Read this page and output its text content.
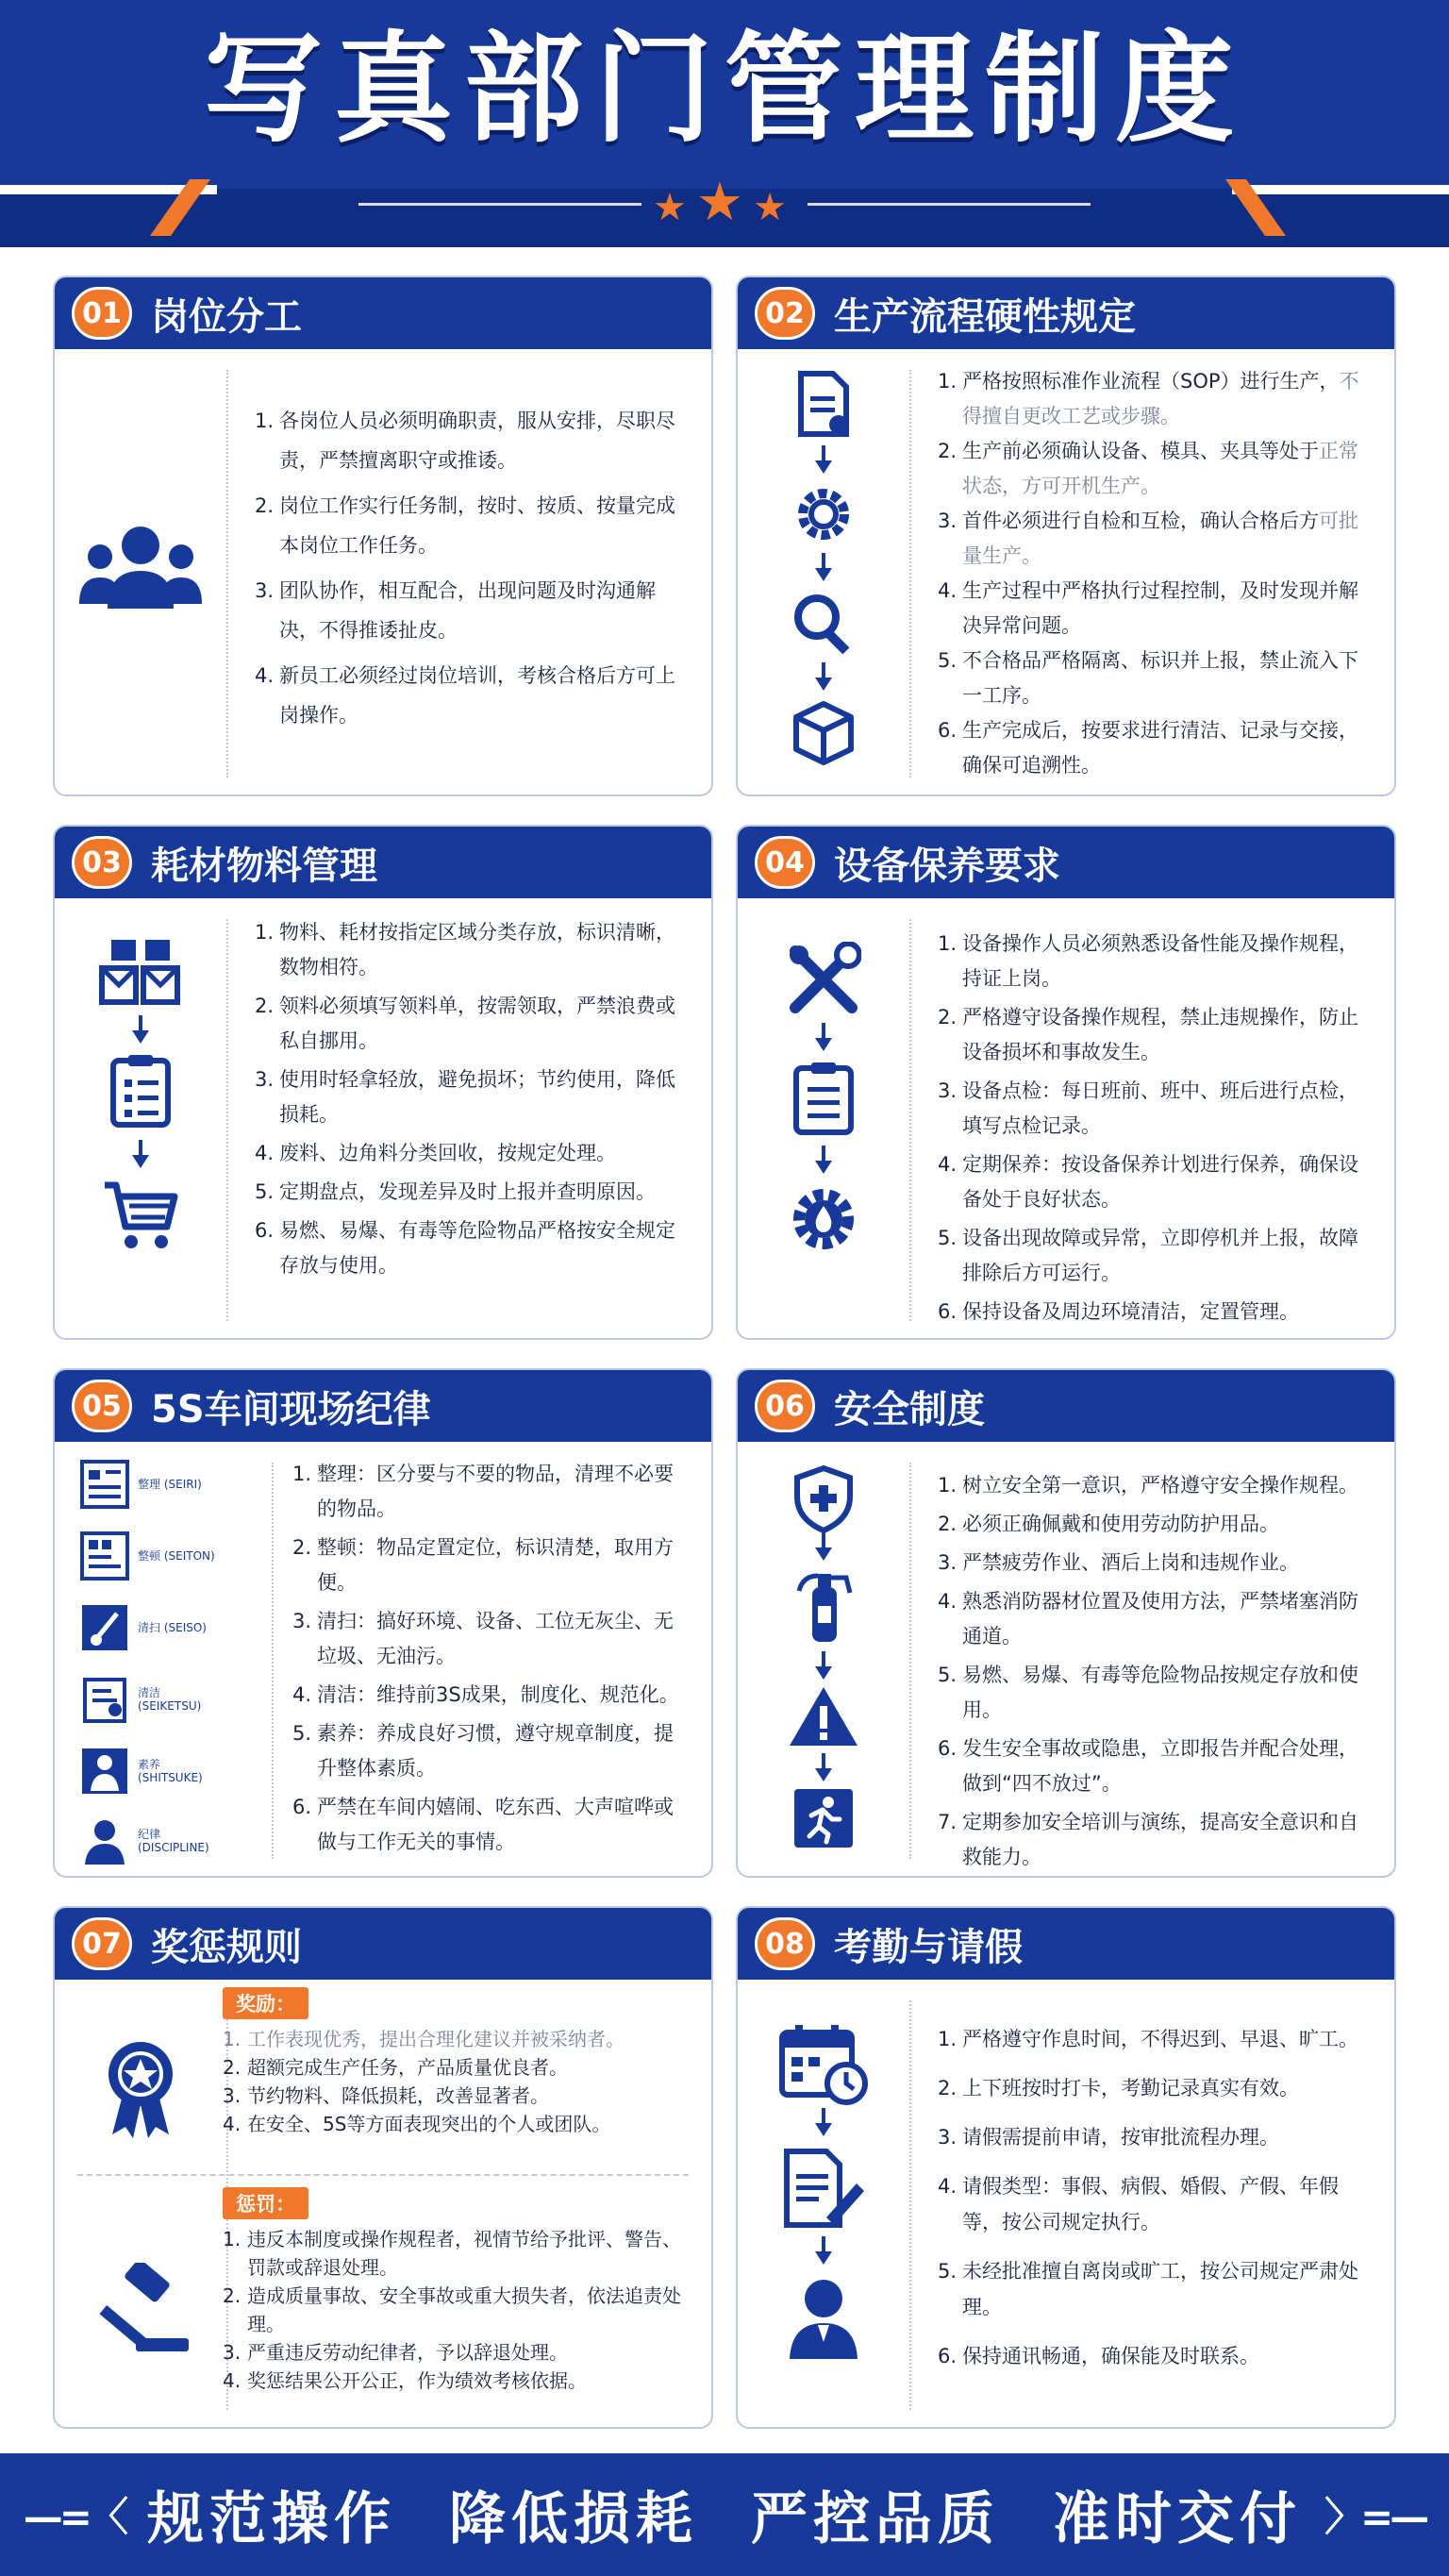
写真部门管理制度
★★★
01 岗位分工
1. 各岗位人员必须明确职责，服从安排，尽职尽责，严禁擅离职守或推诿。
2. 岗位工作实行任务制，按时、按质、按量完成本岗位工作任务。
3. 团队协作，相互配合，出现问题及时沟通解决，不得推诿扯皮。
4. 新员工必须经过岗位培训，考核合格后方可上岗操作。
02 生产流程硬性规定
1. 严格按照标准作业流程（SOP）进行生产，不得擅自更改工艺或步骤。
2. 生产前必须确认设备、模具、夹具等处于正常状态，方可开机生产。
3. 首件必须进行自检和互检，确认合格后方可批量生产。
4. 生产过程中严格执行过程控制，及时发现并解决异常问题。
5. 不合格品严格隔离、标识并上报，禁止流入下一工序。
6. 生产完成后，按要求进行清洁、记录与交接，确保可追溯性。
03 耗材物料管理
1. 物料、耗材按指定区域分类存放，标识清晰，数物相符。
2. 领料必须填写领料单，按需领取，严禁浪费或私自挪用。
3. 使用时轻拿轻放，避免损坏；节约使用，降低损耗。
4. 废料、边角料分类回收，按规定处理。
5. 定期盘点，发现差异及时上报并查明原因。
6. 易燃、易爆、有毒等危险物品严格按安全规定存放与使用。
04 设备保养要求
1. 设备操作人员必须熟悉设备性能及操作规程，持证上岗。
2. 严格遵守设备操作规程，禁止违规操作，防止设备损坏和事故发生。
3. 设备点检：每日班前、班中、班后进行点检，填写点检记录。
4. 定期保养：按设备保养计划进行保养，确保设备处于良好状态。
5. 设备出现故障或异常，立即停机并上报，故障排除后方可运行。
6. 保持设备及周边环境清洁，定置管理。
05 5S车间现场纪律
整理 (SEIRI)
整顿 (SEITON)
清扫 (SEISO)
清洁 (SEIKETSU)
素养 (SHITSUKE)
纪律 (DISCIPLINE)
1. 整理：区分要与不要的物品，清理不必要的物品。
2. 整顿：物品定置定位，标识清楚，取用方便。
3. 清扫：搞好环境、设备、工位无灰尘、无垃圾、无油污。
4. 清洁：维持前3S成果，制度化、规范化。
5. 素养：养成良好习惯，遵守规章制度，提升整体素质。
6. 严禁在车间内嬉闹、吃东西、大声喧哗或做与工作无关的事情。
06 安全制度
1. 树立安全第一意识，严格遵守安全操作规程。
2. 必须正确佩戴和使用劳动防护用品。
3. 严禁疲劳作业、酒后上岗和违规作业。
4. 熟悉消防器材位置及使用方法，严禁堵塞消防通道。
5. 易燃、易爆、有毒等危险物品按规定存放和使用。
6. 发生安全事故或隐患，立即报告并配合处理，做到“四不放过”。
7. 定期参加安全培训与演练，提高安全意识和自救能力。
07 奖惩规则
奖励：
1. 工作表现优秀，提出合理化建议并被采纳者。
2. 超额完成生产任务，产品质量优良者。
3. 节约物料、降低损耗，改善显著者。
4. 在安全、5S等方面表现突出的个人或团队。
惩罚：
1. 违反本制度或操作规程者，视情节给予批评、警告、罚款或辞退处理。
2. 造成质量事故、安全事故或重大损失者，依法追责处理。
3. 严重违反劳动纪律者，予以辞退处理。
4. 奖惩结果公开公正，作为绩效考核依据。
08 考勤与请假
1. 严格遵守作息时间，不得迟到、早退、旷工。
2. 上下班按时打卡，考勤记录真实有效。
3. 请假需提前申请，按审批流程办理。
4. 请假类型：事假、病假、婚假、产假、年假等，按公司规定执行。
5. 未经批准擅自离岗或旷工，按公司规定严肃处理。
6. 保持通讯畅通，确保能及时联系。
—=〈 规范操作 降低损耗 严控品质 准时交付 〉=—
